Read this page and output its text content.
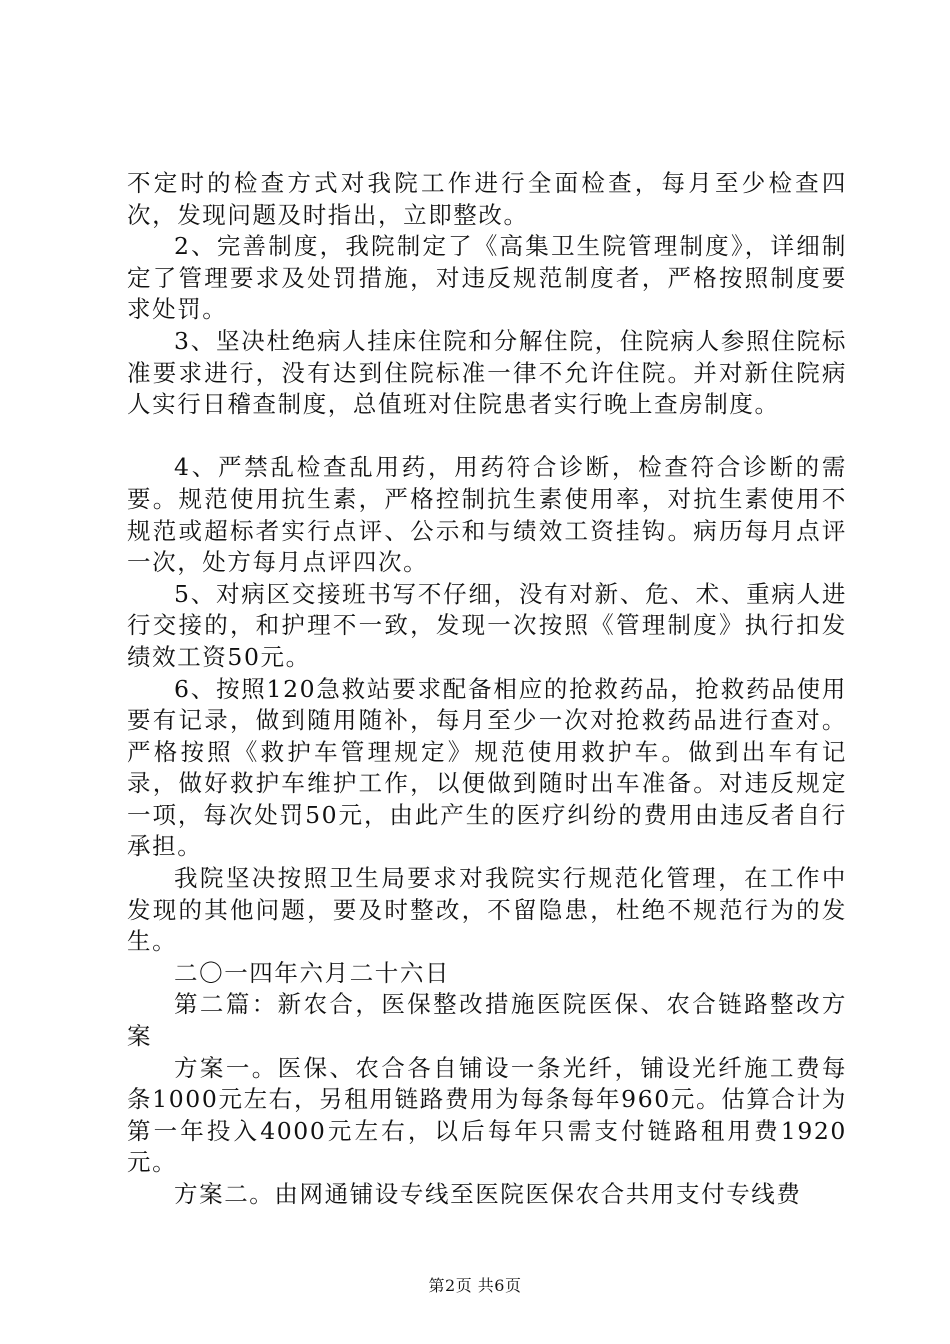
不定时的检查方式对我院工作进行全面检查，每月至少检查四次，发现问题及时指出，立即整改。

2、完善制度，我院制定了《高集卫生院管理制度》，详细制定了管理要求及处罚措施，对违反规范制度者，严格按照制度要求处罚。

3、坚决杜绝病人挂床住院和分解住院，住院病人参照住院标准要求进行，没有达到住院标准一律不允许住院。并对新住院病人实行日稽查制度，总值班对住院患者实行晚上查房制度。

4、严禁乱检查乱用药，用药符合诊断，检查符合诊断的需要。规范使用抗生素，严格控制抗生素使用率，对抗生素使用不规范或超标者实行点评、公示和与绩效工资挂钩。病历每月点评一次，处方每月点评四次。

5、对病区交接班书写不仔细，没有对新、危、术、重病人进行交接的，和护理不一致，发现一次按照《管理制度》执行扣发绩效工资50元。

6、按照120急救站要求配备相应的抢救药品，抢救药品使用要有记录，做到随用随补，每月至少一次对抢救药品进行查对。严格按照《救护车管理规定》规范使用救护车。做到出车有记录，做好救护车维护工作，以便做到随时出车准备。对违反规定一项，每次处罚50元，由此产生的医疗纠纷的费用由违反者自行承担。

我院坚决按照卫生局要求对我院实行规范化管理，在工作中发现的其他问题，要及时整改，不留隐患，杜绝不规范行为的发生。

二〇一四年六月二十六日

第二篇：新农合，医保整改措施医院医保、农合链路整改方案

方案一。医保、农合各自铺设一条光纤，铺设光纤施工费每条1000元左右，另租用链路费用为每条每年960元。估算合计为第一年投入4000元左右，以后每年只需支付链路租用费1920元。

方案二。由网通铺设专线至医院医保农合共用支付专线费

第2页 共6页
